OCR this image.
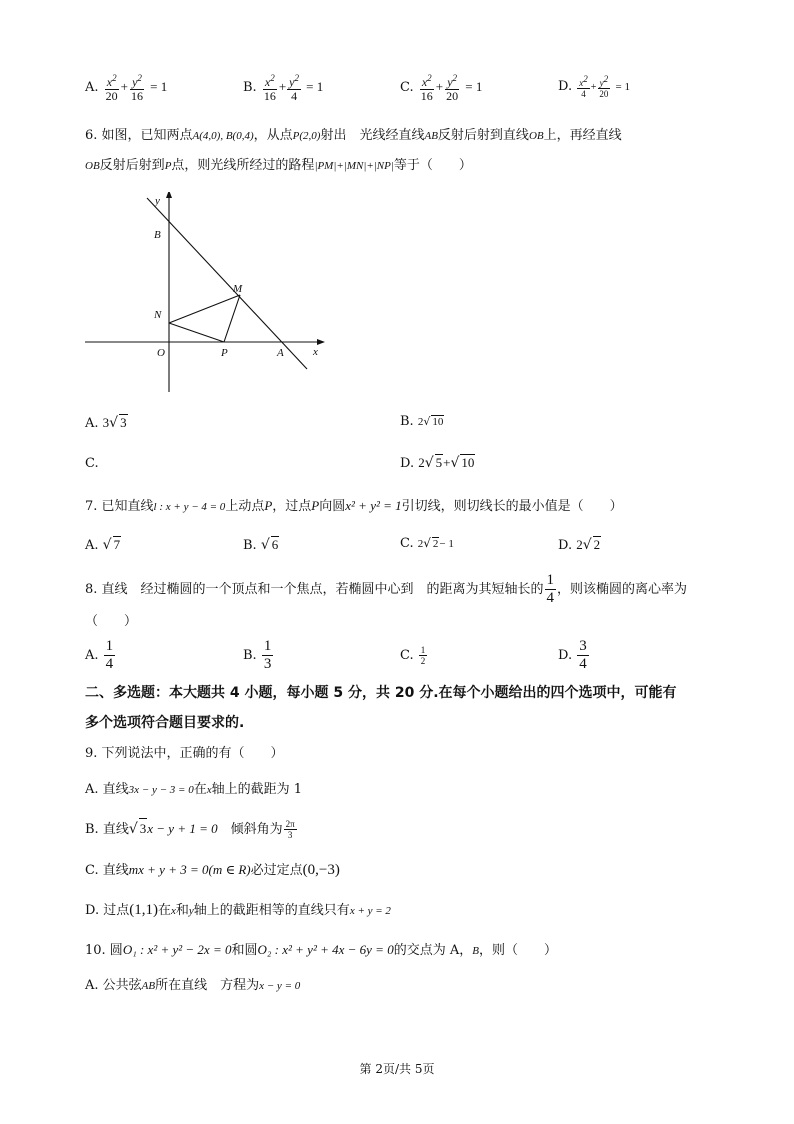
A. $\frac{x^2}{20} + \frac{y^2}{16} = 1$	B. $\frac{x^2}{16} + \frac{y^2}{4} = 1$	C. $\frac{x^2}{16} + \frac{y^2}{20} = 1$	D. $\frac{x^2}{4} + \frac{y^2}{20} = 1$
6. 如图，已知两点A(4,0), B(0,4)，从点P(2,0)射出　光线经直线AB反射后射到直线OB上，再经直线
OB反射后射到P点，则光线所经过的路程|PM|+|MN|+|NP|等于（　　）
y
x
B
M
N
O	P	A
A. 3√ 3	B. 2√ 10
C.	D. 2√ 5+√ 10
7. 已知直线l : x + y − 4 = 0上动点P，过点P向圆x² + y² = 1引切线，则切线长的最小值是（　　）
A. √ 7	B. √ 6	C. 2√ 2− 1	D. 2√ 2
8. 直线　经过椭圆的一个顶点和一个焦点，若椭圆中心到　的距离为其短轴长的 $\frac{1}{4}$ ，则该椭圆的离心率为
（　　）
A. $\frac{1}{4}$	B. $\frac{1}{3}$	C. $\frac{1}{2}$	D. $\frac{3}{4}$
二、多选题：本大题共 4 小题，每小题 5 分，共 20 分.在每个小题给出的四个选项中，可能有
多个选项符合题目要求的.
9. 下列说法中，正确的有（　　）
A. 直线3x − y − 3 = 0在x轴上的截距为 1
B. 直线√ 3x − y + 1 = 0　倾斜角为 $\frac{2\pi}{3}$
C. 直线mx + y + 3 = 0(m ∈ R)必过定点(0,−3)
D. 过点(1,1)在x和y轴上的截距相等的直线只有x + y = 2
10. 圆O₁ : x² + y² − 2x = 0和圆O₂ : x² + y² + 4x − 6y = 0的交点为 A，B，则（　　）
A. 公共弦AB所在直线　方程为x − y = 0
第 2页/共 5页
